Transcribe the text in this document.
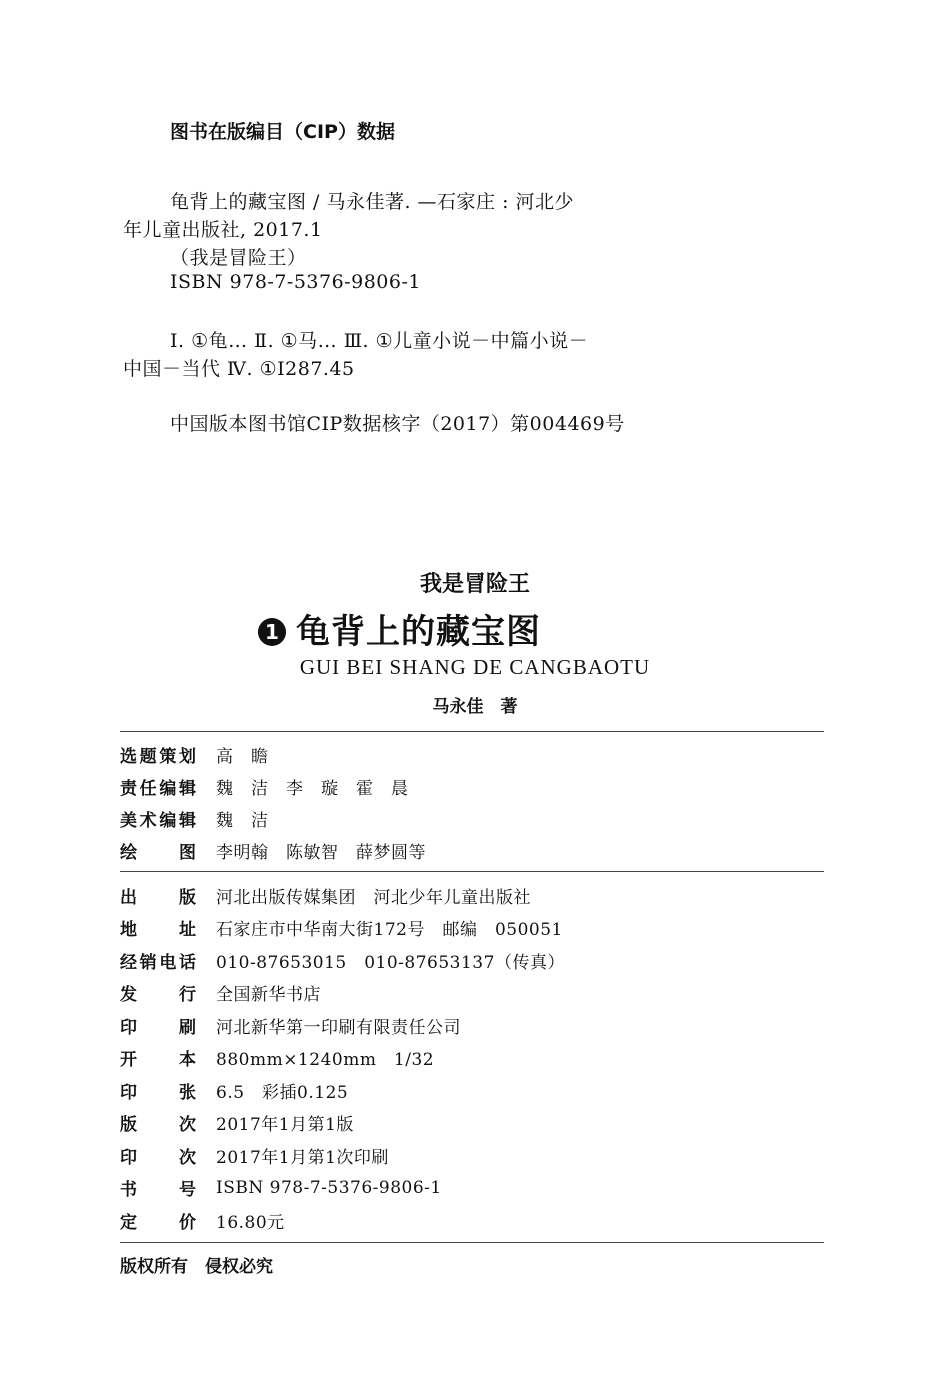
图书在版编目（CIP）数据
龟背上的藏宝图 / 马永佳著. —石家庄 : 河北少
年儿童出版社, 2017.1
（我是冒险王）
ISBN 978-7-5376-9806-1
Ⅰ. ①龟… Ⅱ. ①马… Ⅲ. ①儿童小说－中篇小说－
中国－当代 Ⅳ. ①I287.45
中国版本图书馆CIP数据核字（2017）第004469号
我是冒险王
1 龟背上的藏宝图
GUI BEI SHANG DE CANGBAOTU
马永佳　著
选 题 策 划 高　瞻
责 任 编 辑 魏　洁　李　璇　霍　晨
美 术 编 辑 魏　洁
绘 图 李明翰　陈敏智　薛梦圆等
出 版 河北出版传媒集团　河北少年儿童出版社
地 址 石家庄市中华南大街172号　邮编　050051
经 销 电 话 010-87653015　010-87653137（传真）
发 行 全国新华书店
印 刷 河北新华第一印刷有限责任公司
开 本 880mm×1240mm　1/32
印 张 6.5　彩插0.125
版 次 2017年1月第1版
印 次 2017年1月第1次印刷
书 号 ISBN 978-7-5376-9806-1
定 价 16.80元
版权所有　侵权必究
